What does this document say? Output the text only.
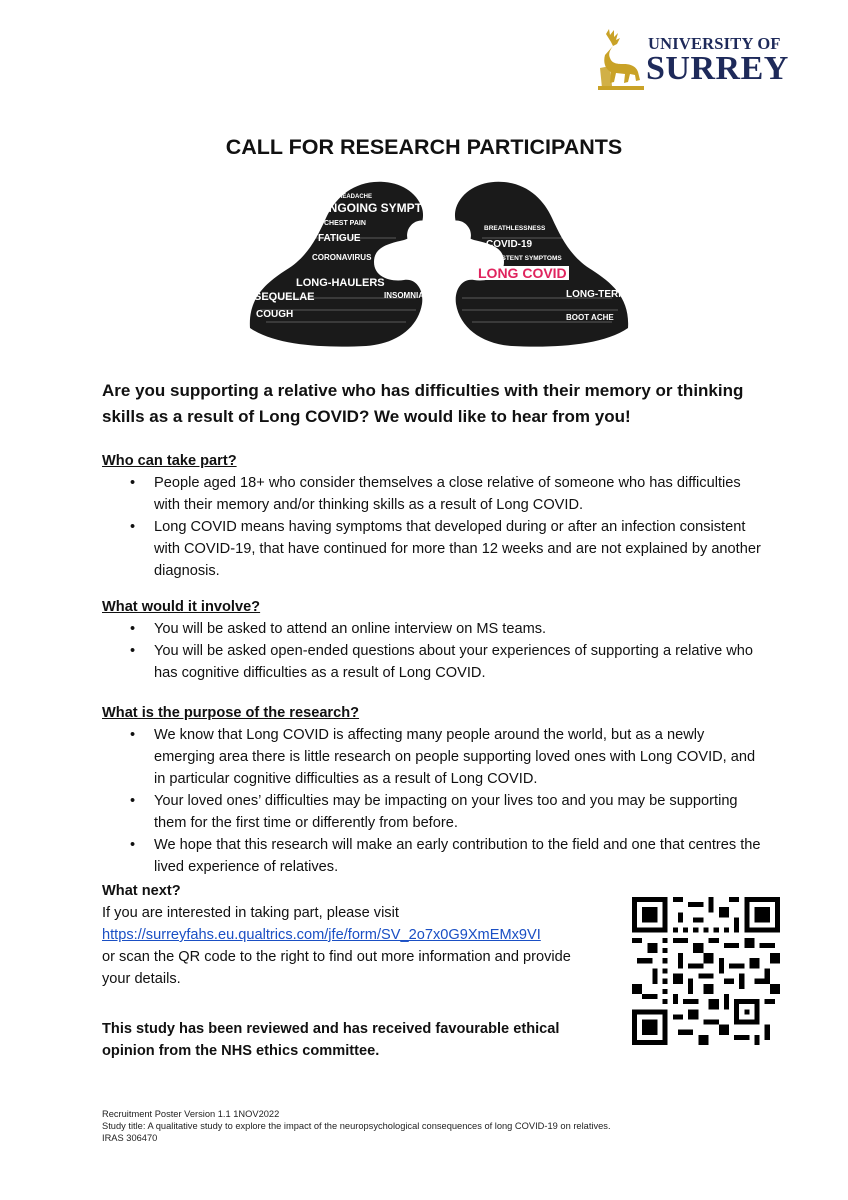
UNIVERSITY OF
SURREY
CALL FOR RESEARCH PARTICIPANTS
UNGOING SYMPTOMS
FATIGUE
CORONAVIRUS
LONG-HAULERS
SEQUELAE
COUGH
COVID-19
LONG COVID
LONG-TERM
INSOMNIA
CHEST PAIN
HEADACHE
PERSISTENT SYMPTOMS
BREATHLESSNESS
BOOT ACHE
Are you supporting a relative who has difficulties with their memory or thinking skills as a result of Long COVID? We would like to hear from you!
Who can take part?
• People aged 18+ who consider themselves a close relative of someone who has difficulties with their memory and/or thinking skills as a result of Long COVID.
• Long COVID means having symptoms that developed during or after an infection consistent with COVID-19, that have continued for more than 12 weeks and are not explained by another diagnosis.
What would it involve?
• You will be asked to attend an online interview on MS teams.
• You will be asked open-ended questions about your experiences of supporting a relative who has cognitive difficulties as a result of Long COVID.
What is the purpose of the research?
• We know that Long COVID is affecting many people around the world, but as a newly emerging area there is little research on people supporting loved ones with Long COVID, and in particular cognitive difficulties as a result of Long COVID.
• Your loved ones’ difficulties may be impacting on your lives too and you may be supporting them for the first time or differently from before.
• We hope that this research will make an early contribution to the field and one that centres the lived experience of relatives.
What next?
If you are interested in taking part, please visit
https://surreyfahs.eu.qualtrics.com/jfe/form/SV_2o7x0G9XmEMx9VI
or scan the QR code to the right to find out more information and provide your details.
This study has been reviewed and has received favourable ethical opinion from the NHS ethics committee.
Recruitment Poster Version 1.1 1NOV2022
Study title: A qualitative study to explore the impact of the neuropsychological consequences of long COVID-19 on relatives.
IRAS 306470
